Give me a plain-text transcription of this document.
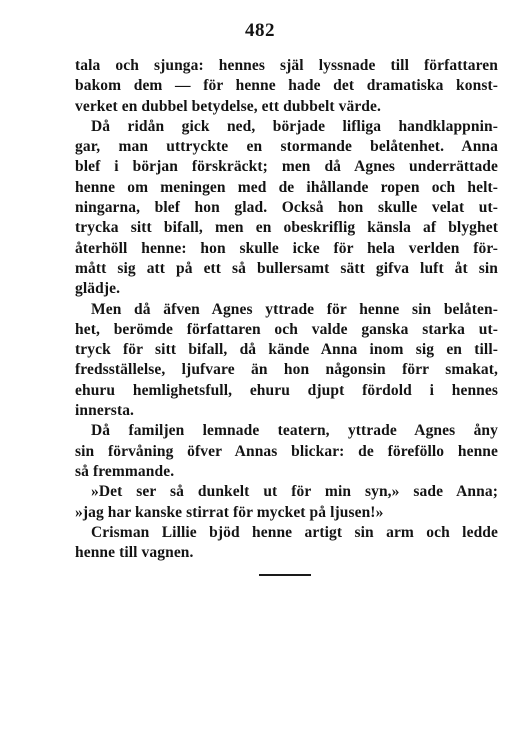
482
tala och sjunga: hennes själ lyssnade till författaren
bakom dem — för henne hade det dramatiska konst-
verket en dubbel betydelse, ett dubbelt värde.
Då ridån gick ned, började lifliga handklappnin-
gar, man uttryckte en stormande belåtenhet. Anna
blef i början förskräckt; men då Agnes underrättade
henne om meningen med de ihållande ropen och helt-
ningarna, blef hon glad. Också hon skulle velat ut-
trycka sitt bifall, men en obeskriflig känsla af blyghet
återhöll henne: hon skulle icke för hela verlden för-
mått sig att på ett så bullersamt sätt gifva luft åt sin
glädje.
Men då äfven Agnes yttrade för henne sin belåten-
het, berömde författaren och valde ganska starka ut-
tryck för sitt bifall, då kände Anna inom sig en till-
fredsställelse, ljufvare än hon någonsin förr smakat,
ehuru hemlighetsfull, ehuru djupt fördold i hennes
innersta.
Då familjen lemnade teatern, yttrade Agnes åny
sin förvåning öfver Annas blickar: de föreföllo henne
så fremmande.
»Det ser så dunkelt ut för min syn,» sade Anna;
»jag har kanske stirrat för mycket på ljusen!»
Crisman Lillie bjöd henne artigt sin arm och ledde
henne till vagnen.
